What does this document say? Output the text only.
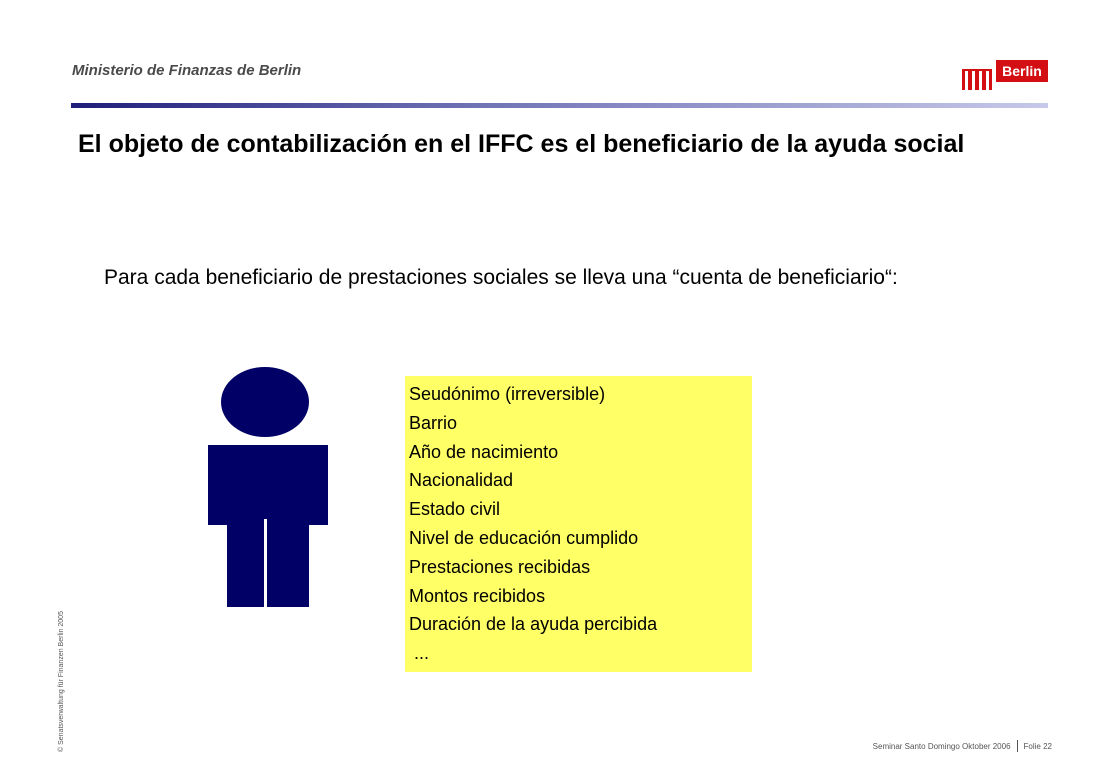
Ministerio de Finanzas de Berlin	Berlin
El objeto de contabilización en el IFFC es el beneficiario de la ayuda social
Para cada beneficiario de prestaciones sociales se lleva una “cuenta de beneficiario“:
Seudónimo (irreversible)
Barrio
Año de nacimiento
Nacionalidad
Estado civil
Nivel de educación cumplido
Prestaciones recibidas
Montos recibidos
Duración de la ayuda percibida
...
© Senatsverwaltung für Finanzen Berlin 2005	Seminar Santo Domingo Oktober 2006 Folie 22
